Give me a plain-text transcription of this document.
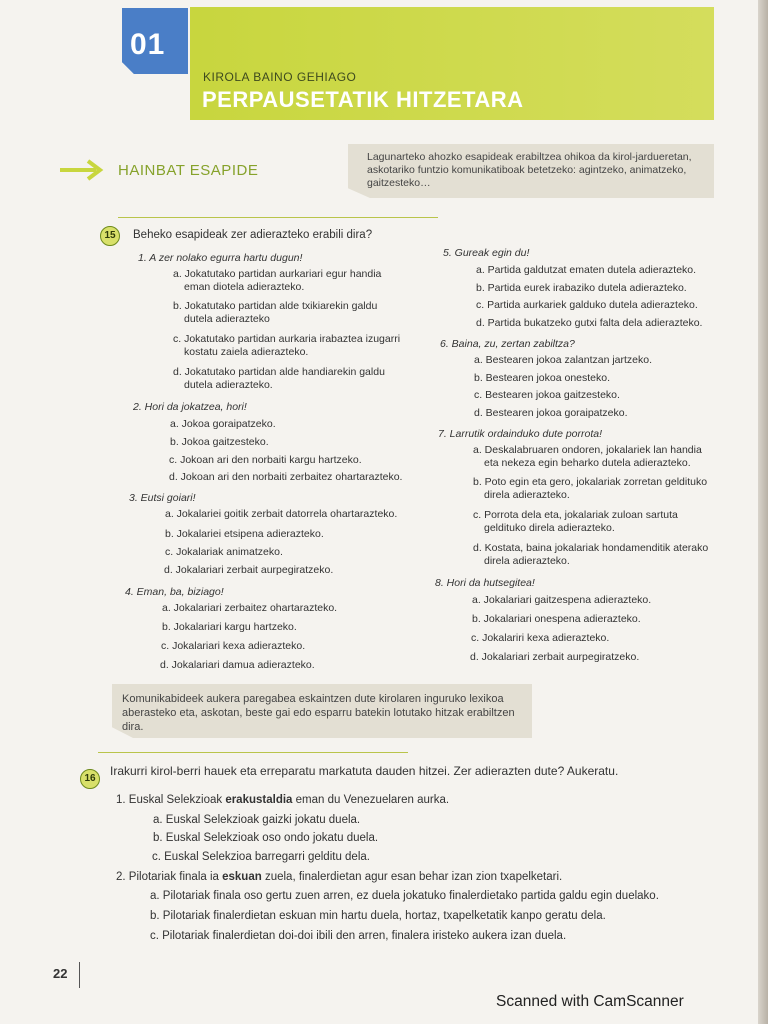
01
KIROLA BAINO GEHIAGO
PERPAUSETATIK HITZETARA
HAINBAT ESAPIDE
Lagunarteko ahozko esapideak erabiltzea ohikoa da kirol-jardueretan,
askotariko funtzio komunikatiboak betetzeko: agintzeko, animatzeko,
gaitzesteko…
15	Beheko esapideak zer adierazteko erabili dira?
1. A zer nolako egurra hartu dugun!
a. Jokatutako partidan aurkariari egur handia
eman diotela adierazteko.
b. Jokatutako partidan alde txikiarekin galdu
dutela adierazteko
c. Jokatutako partidan aurkaria irabaztea izugarri
kostatu zaiela adierazteko.
d. Jokatutako partidan alde handiarekin galdu
dutela adierazteko.
2. Hori da jokatzea, hori!
a. Jokoa goraipatzeko.
b. Jokoa gaitzesteko.
c. Jokoan ari den norbaiti kargu hartzeko.
d. Jokoan ari den norbaiti zerbaitez ohartarazteko.
3. Eutsi goiari!
a. Jokalariei goitik zerbait datorrela ohartarazteko.
b. Jokalariei etsipena adierazteko.
c. Jokalariak animatzeko.
d. Jokalariari zerbait aurpegiratzeko.
4. Eman, ba, biziago!
a. Jokalariari zerbaitez ohartarazteko.
b. Jokalariari kargu hartzeko.
c. Jokalariari kexa adierazteko.
d. Jokalariari damua adierazteko.
5. Gureak egin du!
a. Partida galdutzat ematen dutela adierazteko.
b. Partida eurek irabaziko dutela adierazteko.
c. Partida aurkariek galduko dutela adierazteko.
d. Partida bukatzeko gutxi falta dela adierazteko.
6. Baina, zu, zertan zabiltza?
a. Bestearen jokoa zalantzan jartzeko.
b. Bestearen jokoa onesteko.
c. Bestearen jokoa gaitzesteko.
d. Bestearen jokoa goraipatzeko.
7. Larrutik ordainduko dute porrota!
a. Deskalabruaren ondoren, jokalariek lan handia
eta nekeza egin beharko dutela adierazteko.
b. Poto egin eta gero, jokalariak zorretan geldituko
direla adierazteko.
c. Porrota dela eta, jokalariak zuloan sartuta
geldituko direla adierazteko.
d. Kostata, baina jokalariak hondamenditik aterako
direla adierazteko.
8. Hori da hutsegitea!
a. Jokalariari gaitzespena adierazteko.
b. Jokalariari onespena adierazteko.
c. Jokalariri kexa adierazteko.
d. Jokalariari zerbait aurpegiratzeko.
Komunikabideek aukera paregabea eskaintzen dute kirolaren inguruko lexikoa
aberasteko eta, askotan, beste gai edo esparru batekin lotutako hitzak erabiltzen dira.
16
Irakurri kirol-berri hauek eta erreparatu markatuta dauden hitzei. Zer adierazten dute? Aukeratu.
1. Euskal Selekzioak erakustaldia eman du Venezuelaren aurka.
a. Euskal Selekzioak gaizki jokatu duela.
b. Euskal Selekzioak oso ondo jokatu duela.
c. Euskal Selekzioa barregarri gelditu dela.
2. Pilotariak finala ia eskuan zuela, finalerdietan agur esan behar izan zion txapelketari.
a. Pilotariak finala oso gertu zuen arren, ez duela jokatuko finalerdietako partida galdu egin duelako.
b. Pilotariak finalerdietan eskuan min hartu duela, hortaz, txapelketatik kanpo geratu dela.
c. Pilotariak finalerdietan doi-doi ibili den arren, finalera iristeko aukera izan duela.
22
Scanned with CamScanner
